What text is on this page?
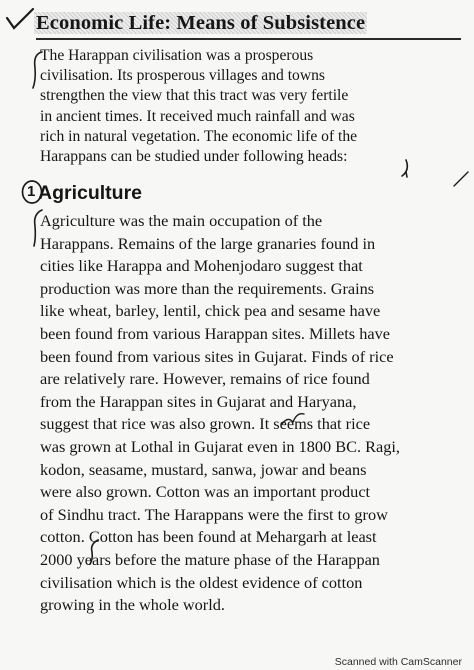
Economic Life: Means of Subsistence

The Harappan civilisation was a prosperous
civilisation. Its prosperous villages and towns
strengthen the view that this tract was very fertile
in ancient times. It received much rainfall and was
rich in natural vegetation. The economic life of the
Harappans can be studied under following heads:

1 Agriculture

Agriculture was the main occupation of the
Harappans. Remains of the large granaries found in
cities like Harappa and Mohenjodaro suggest that
production was more than the requirements. Grains
like wheat, barley, lentil, chick pea and sesame have
been found from various Harappan sites. Millets have
been found from various sites in Gujarat. Finds of rice
are relatively rare. However, remains of rice found
from the Harappan sites in Gujarat and Haryana,
suggest that rice was also grown. It seems that rice
was grown at Lothal in Gujarat even in 1800 BC. Ragi,
kodon, seasame, mustard, sanwa, jowar and beans
were also grown. Cotton was an important product
of Sindhu tract. The Harappans were the first to grow
cotton. Cotton has been found at Mehargarh at least
2000 years before the mature phase of the Harappan
civilisation which is the oldest evidence of cotton
growing in the whole world.

Scanned with CamScanner
